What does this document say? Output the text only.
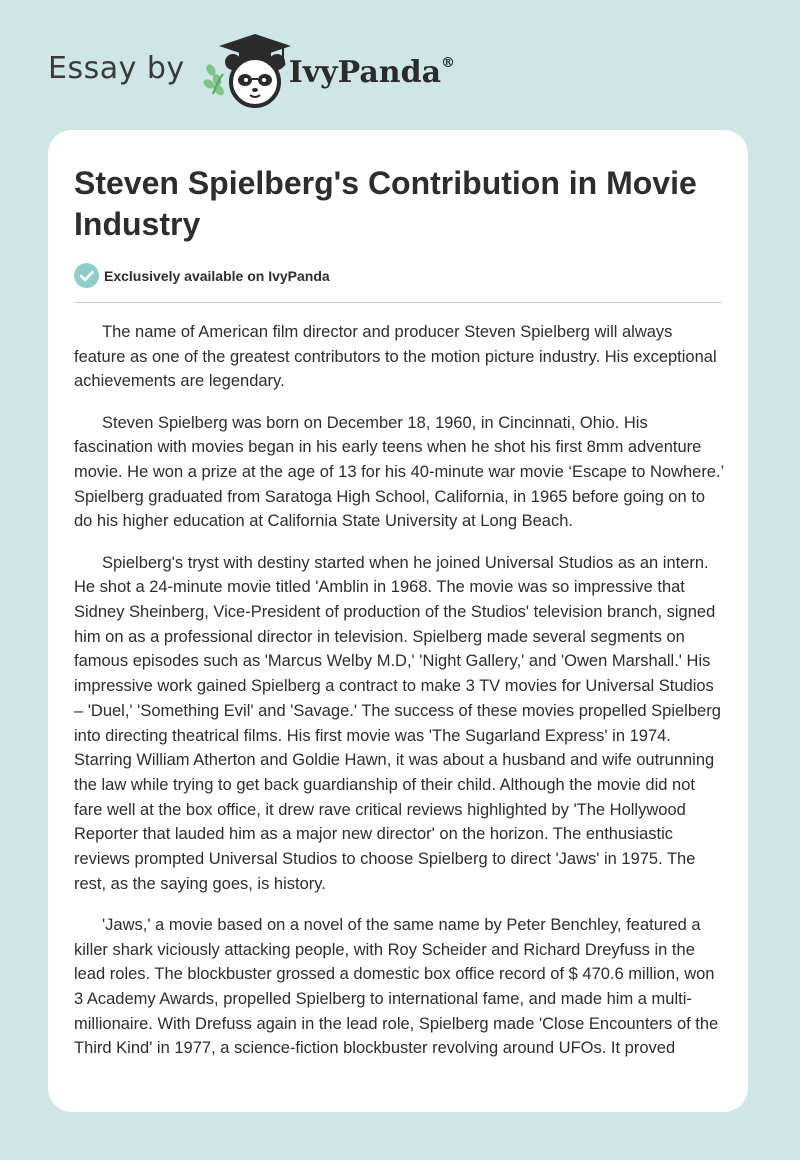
Essay by	IvyPanda®
Steven Spielberg's Contribution in Movie Industry
Exclusively available on IvyPanda

The name of American film director and producer Steven Spielberg will always feature as one of the greatest contributors to the motion picture industry. His exceptional achievements are legendary.

Steven Spielberg was born on December 18, 1960, in Cincinnati, Ohio. His fascination with movies began in his early teens when he shot his first 8mm adventure movie. He won a prize at the age of 13 for his 40-minute war movie ‘Escape to Nowhere.’ Spielberg graduated from Saratoga High School, California, in 1965 before going on to do his higher education at California State University at Long Beach.

Spielberg's tryst with destiny started when he joined Universal Studios as an intern. He shot a 24-minute movie titled 'Amblin in 1968. The movie was so impressive that Sidney Sheinberg, Vice-President of production of the Studios' television branch, signed him on as a professional director in television. Spielberg made several segments on famous episodes such as 'Marcus Welby M.D,' 'Night Gallery,' and 'Owen Marshall.' His impressive work gained Spielberg a contract to make 3 TV movies for Universal Studios – 'Duel,' 'Something Evil' and 'Savage.' The success of these movies propelled Spielberg into directing theatrical films. His first movie was 'The Sugarland Express' in 1974. Starring William Atherton and Goldie Hawn, it was about a husband and wife outrunning the law while trying to get back guardianship of their child. Although the movie did not fare well at the box office, it drew rave critical reviews highlighted by 'The Hollywood Reporter that lauded him as a major new director' on the horizon. The enthusiastic reviews prompted Universal Studios to choose Spielberg to direct 'Jaws' in 1975. The rest, as the saying goes, is history.

'Jaws,' a movie based on a novel of the same name by Peter Benchley, featured a killer shark viciously attacking people, with Roy Scheider and Richard Dreyfuss in the lead roles. The blockbuster grossed a domestic box office record of $ 470.6 million, won 3 Academy Awards, propelled Spielberg to international fame, and made him a multi-millionaire. With Drefuss again in the lead role, Spielberg made 'Close Encounters of the Third Kind' in 1977, a science-fiction blockbuster revolving around UFOs. It proved
